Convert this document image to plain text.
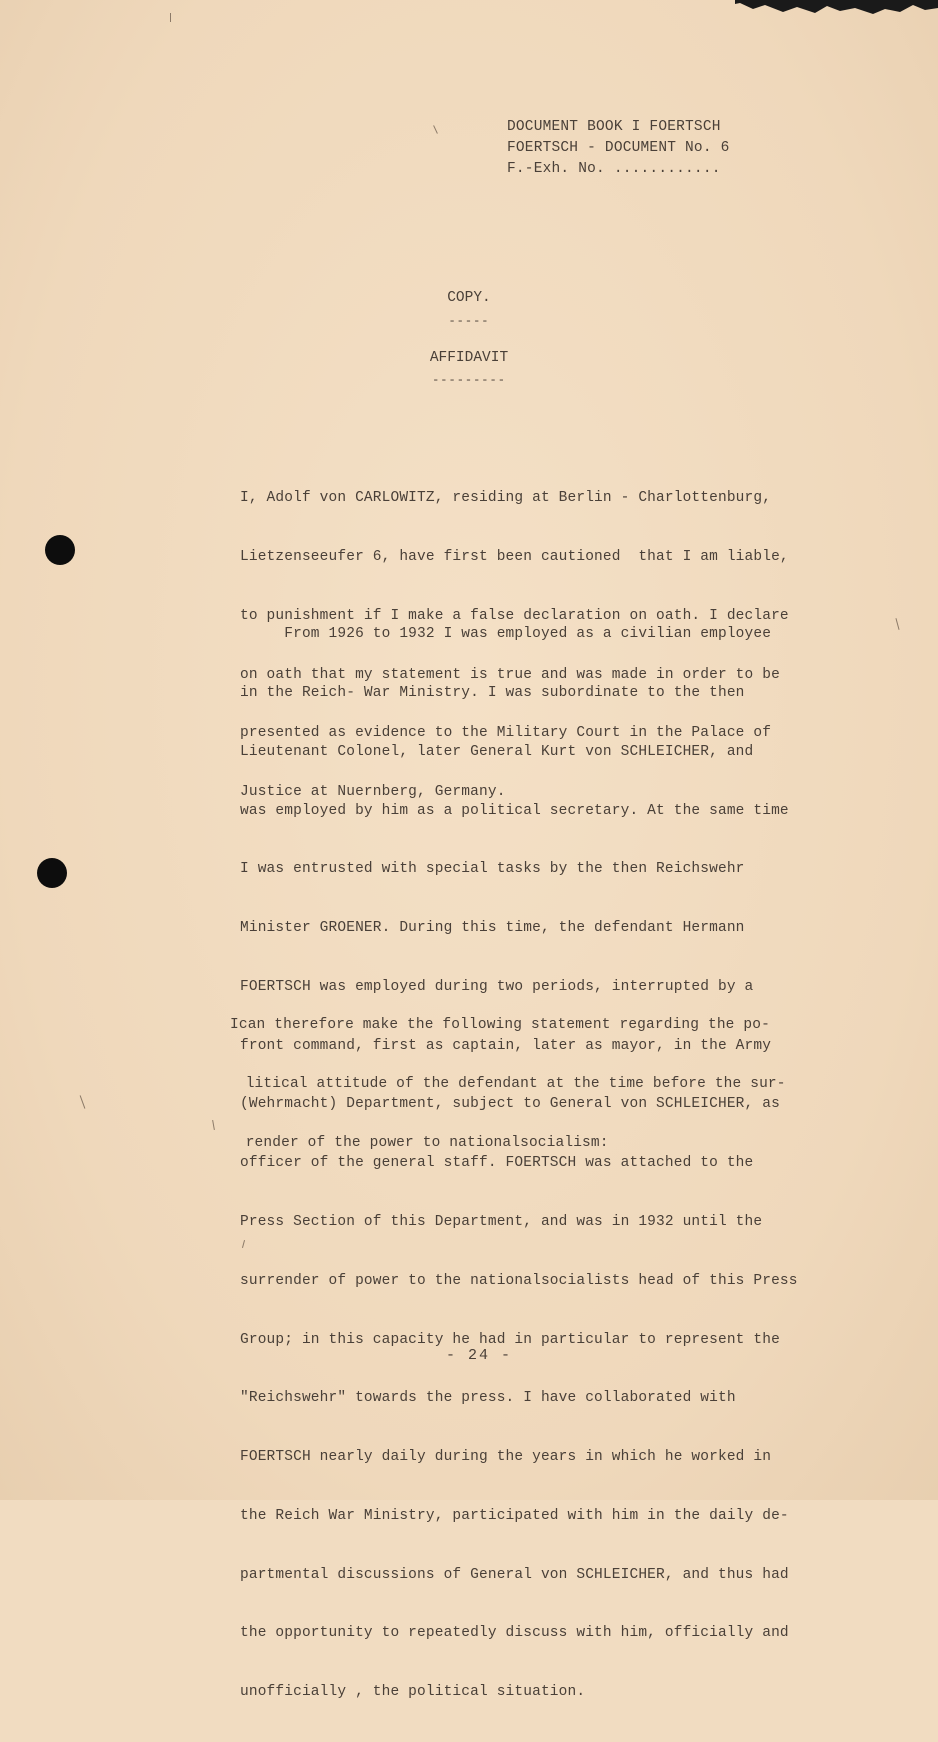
DOCUMENT BOOK I FOERTSCH
FOERTSCH - DOCUMENT No. 6
F.-Exh. No. ............
COPY.
-----
AFFIDAVIT
---------

I, Adolf von CARLOWITZ, residing at Berlin - Charlottenburg,

Lietzenseeufer 6, have first been cautioned  that I am liable,

to punishment if I make a false declaration on oath. I declare

on oath that my statement is true and was made in order to be

presented as evidence to the Military Court in the Palace of

Justice at Nuernberg, Germany.

From 1926 to 1932 I was employed as a civilian employee

in the Reich- War Ministry. I was subordinate to the then

Lieutenant Colonel, later General Kurt von SCHLEICHER, and

was employed by him as a political secretary. At the same time

I was entrusted with special tasks by the then Reichswehr

Minister GROENER. During this time, the defendant Hermann

FOERTSCH was employed during two periods, interrupted by a

front command, first as captain, later as mayor, in the Army

(Wehrmacht) Department, subject to General von SCHLEICHER, as

officer of the general staff. FOERTSCH was attached to the

Press Section of this Department, and was in 1932 until the

surrender of power to the nationalsocialists head of this Press

Group; in this capacity he had in particular to represent the

"Reichswehr" towards the press. I have collaborated with

FOERTSCH nearly daily during the years in which he worked in

the Reich War Ministry, participated with him in the daily de-

partmental discussions of General von SCHLEICHER, and thus had

the opportunity to repeatedly discuss with him, officially and

unofficially , the political situation.

Ican therefore make the following statement regarding the po-

litical attitude of the defendant at the time before the sur-

render of the power to nationalsocialism:

- 24 -
